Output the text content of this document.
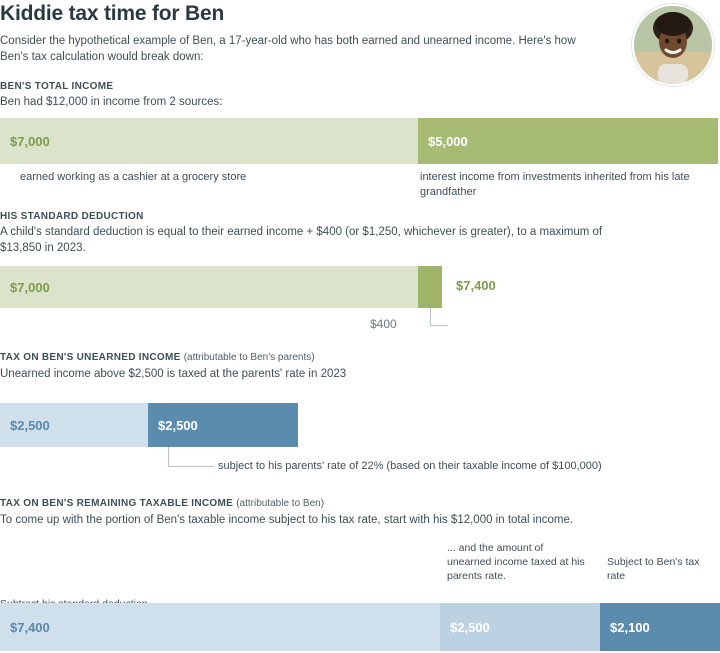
Kiddie tax time for Ben
Consider the hypothetical example of Ben, a 17-year-old who has both earned and unearned income. Here's how Ben's tax calculation would break down:
BEN'S TOTAL INCOME
Ben had $12,000 in income from 2 sources:
$7,000	$5,000
earned working as a cashier at a grocery store	interest income from investments inherited from his late grandfather
HIS STANDARD DEDUCTION
A child's standard deduction is equal to their earned income + $400 (or $1,250, whichever is greater), to a maximum of $13,850 in 2023.
$7,000	$7,400
$400
TAX ON BEN'S UNEARNED INCOME (attributable to Ben's parents)
Unearned income above $2,500 is taxed at the parents' rate in 2023
$2,500	$2,500
subject to his parents' rate of 22% (based on their taxable income of $100,000)
TAX ON BEN'S REMAINING TAXABLE INCOME (attributable to Ben)
To come up with the portion of Ben's taxable income subject to his tax rate, start with his $12,000 in total income.
... and the amount of unearned income taxed at his parents rate.
Subject to Ben's tax rate
$7,400	$2,500	$2,100
